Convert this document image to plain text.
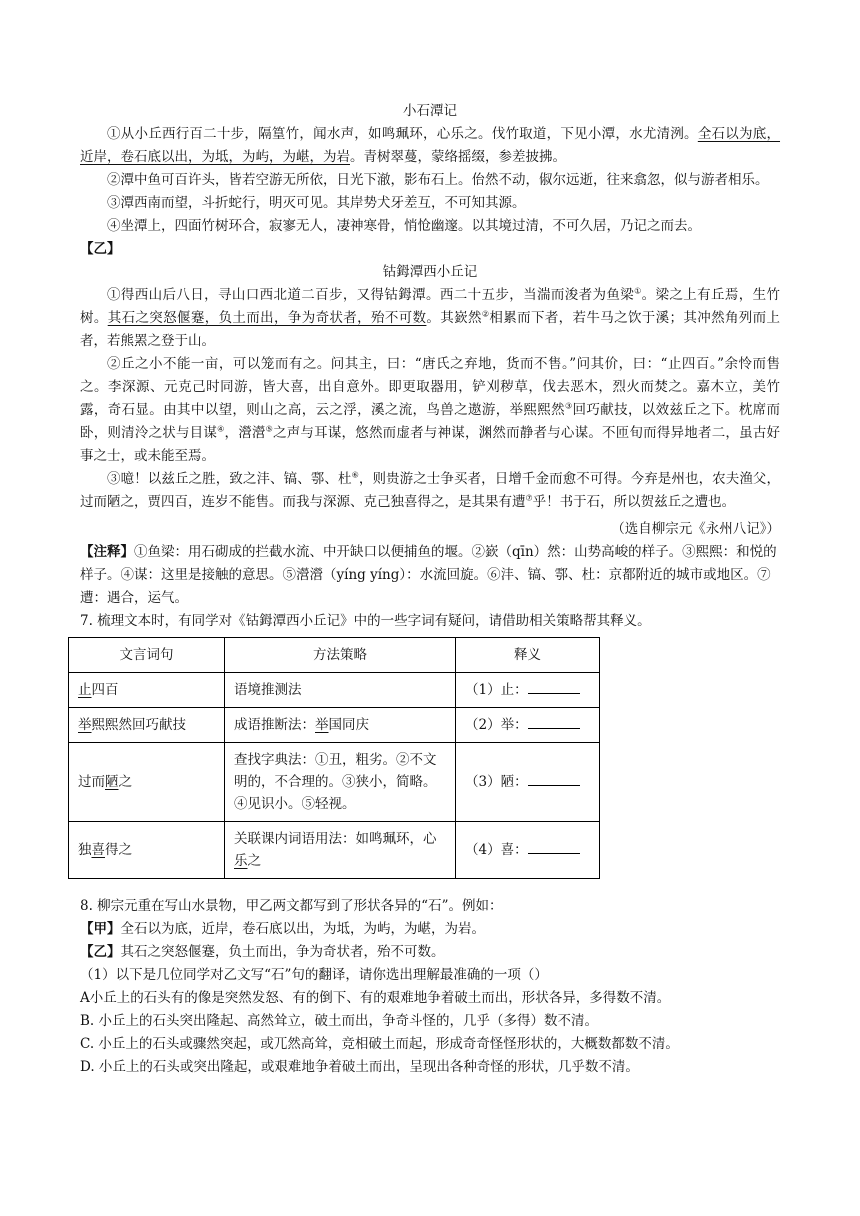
小石潭记
①从小丘西行百二十步，隔篁竹，闻水声，如鸣珮环，心乐之。伐竹取道，下见小潭，水尤清洌。全石以为底，近岸，卷石底以出，为坻，为屿，为嵁，为岩。青树翠蔓，蒙络摇缀，参差披拂。
②潭中鱼可百许头，皆若空游无所依，日光下澈，影布石上。佁然不动，俶尔远逝，往来翕忽，似与游者相乐。
③潭西南而望，斗折蛇行，明灭可见。其岸势犬牙差互，不可知其源。
④坐潭上，四面竹树环合，寂寥无人，凄神寒骨，悄怆幽邃。以其境过清，不可久居，乃记之而去。
【乙】
钴鉧潭西小丘记
①得西山后八日，寻山口西北道二百步，又得钴鉧潭。西二十五步，当湍而浚者为鱼梁①。梁之上有丘焉，生竹树。其石之突怒偃蹇，负土而出，争为奇状者，殆不可数。其嶔然②相累而下者，若牛马之饮于溪；其冲然角列而上者，若熊罴之登于山。
②丘之小不能一亩，可以笼而有之。问其主，曰：“唐氏之弃地，货而不售。”问其价，曰：“止四百。”余怜而售之。李深源、元克己时同游，皆大喜，出自意外。即更取器用，铲刈秽草，伐去恶木，烈火而焚之。嘉木立，美竹露，奇石显。由其中以望，则山之高，云之浮，溪之流，鸟兽之遨游，举熙熙然③回巧献技，以效兹丘之下。枕席而卧，则清泠之状与目谋④，瀯瀯⑤之声与耳谋，悠然而虚者与神谋，渊然而静者与心谋。不匝旬而得异地者二，虽古好事之士，或未能至焉。
③噫！以兹丘之胜，致之沣、镐、鄠、杜⑥，则贵游之士争买者，日增千金而愈不可得。今弃是州也，农夫渔父，过而陋之，贾四百，连岁不能售。而我与深源、克己独喜得之，是其果有遭⑦乎！书于石，所以贺兹丘之遭也。
（选自柳宗元《永州八记》）
【注释】①鱼梁：用石砌成的拦截水流、中开缺口以便捕鱼的堰。②嶔（qīn）然：山势高峻的样子。③熙熙：和悦的样子。④谋：这里是接触的意思。⑤瀯瀯（yíng yíng）：水流回旋。⑥沣、镐、鄠、杜：京都附近的城市或地区。⑦遭：遇合，运气。
7. 梳理文本时，有同学对《钴鉧潭西小丘记》中的一些字词有疑问，请借助相关策略帮其释义。
文言词句	方法策略	释义
止四百	语境推测法	（1）止：
举熙熙然回巧献技	成语推断法：举国同庆	（2）举：
过而陋之	查找字典法：①丑，粗劣。②不文明的，不合理的。③狭小，简略。④见识小。⑤轻视。	（3）陋：
独喜得之	关联课内词语用法：如鸣珮环，心乐之	（4）喜：
8. 柳宗元重在写山水景物，甲乙两文都写到了形状各异的“石”。例如：
【甲】全石以为底，近岸，卷石底以出，为坻，为屿，为嵁，为岩。
【乙】其石之突怒偃蹇，负土而出，争为奇状者，殆不可数。
（1）以下是几位同学对乙文写“石”句的翻译，请你选出理解最准确的一项（）
A小丘上的石头有的像是突然发怒、有的倒下、有的艰难地争着破土而出，形状各异，多得数不清。
B. 小丘上的石头突出隆起、高然耸立，破土而出，争奇斗怪的，几乎（多得）数不清。
C. 小丘上的石头或骤然突起，或兀然高耸，竞相破土而起，形成奇奇怪怪形状的，大概数都数不清。
D. 小丘上的石头或突出隆起，或艰难地争着破土而出，呈现出各种奇怪的形状，几乎数不清。
